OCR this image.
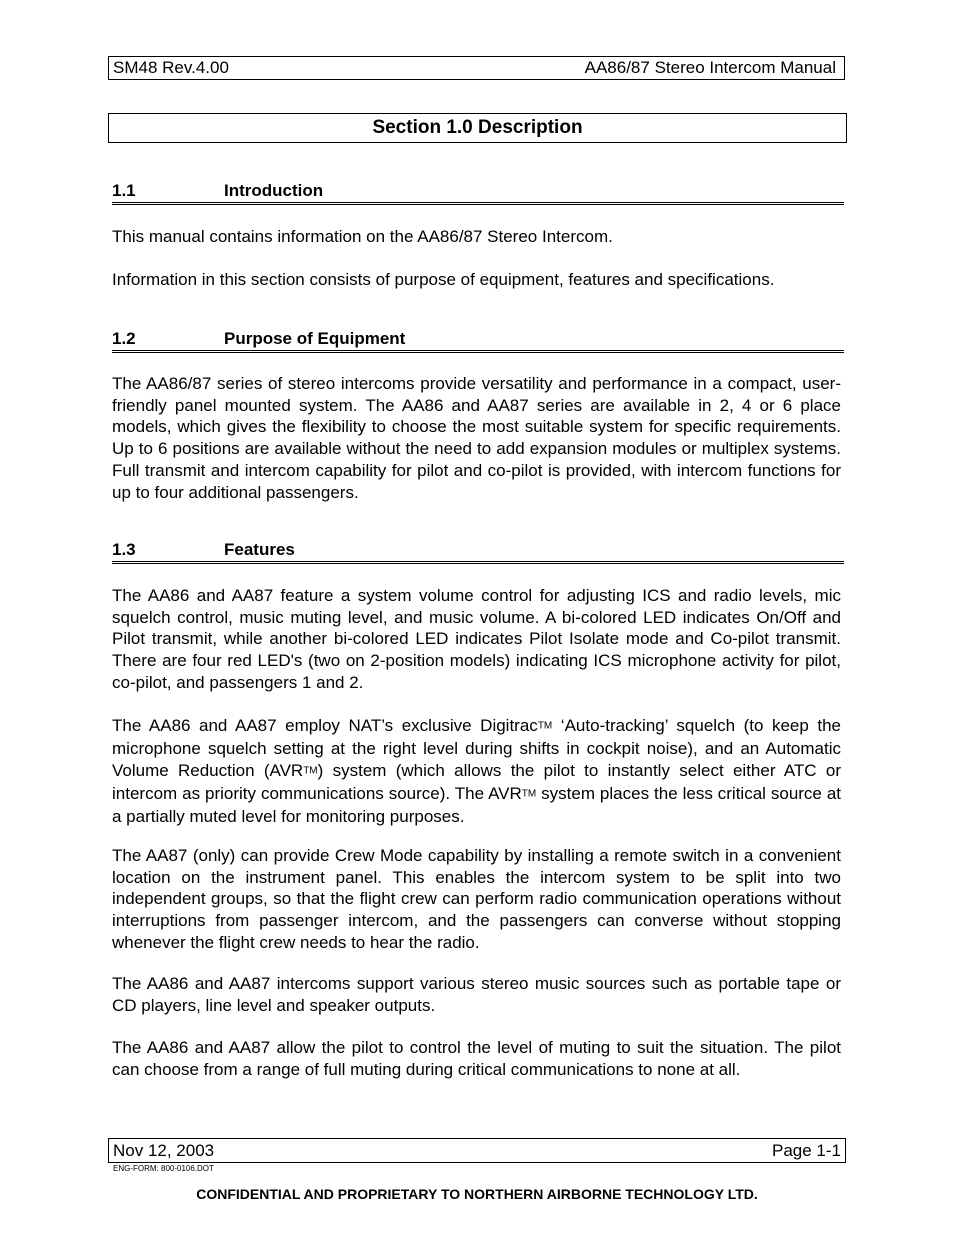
SM48 Rev.4.00	AA86/87 Stereo Intercom Manual
Section 1.0 Description
1.1	Introduction

This manual contains information on the AA86/87 Stereo Intercom.

Information in this section consists of purpose of equipment, features and specifications.

1.2	Purpose of Equipment

The AA86/87 series of stereo intercoms provide versatility and performance in a compact, user-friendly panel mounted system. The AA86 and AA87 series are available in 2, 4 or 6 place models, which gives the flexibility to choose the most suitable system for specific requirements. Up to 6 positions are available without the need to add expansion modules or multiplex systems. Full transmit and intercom capability for pilot and co-pilot is provided, with intercom functions for up to four additional passengers.

1.3	Features

The AA86 and AA87 feature a system volume control for adjusting ICS and radio levels, mic squelch control, music muting level, and music volume. A bi-colored LED indicates On/Off and Pilot transmit, while another bi-colored LED indicates Pilot Isolate mode and Co-pilot transmit. There are four red LED's (two on 2-position models) indicating ICS microphone activity for pilot, co-pilot, and passengers 1 and 2.

The AA86 and AA87 employ NAT’s exclusive DigitracTM ‘Auto-tracking’ squelch (to keep the microphone squelch setting at the right level during shifts in cockpit noise), and an Automatic Volume Reduction (AVRTM) system (which allows the pilot to instantly select either ATC or intercom as priority communications source). The AVRTM system places the less critical source at a partially muted level for monitoring purposes.

The AA87 (only) can provide Crew Mode capability by installing a remote switch in a convenient location on the instrument panel. This enables the intercom system to be split into two independent groups, so that the flight crew can perform radio communication operations without interruptions from passenger intercom, and the passengers can converse without stopping whenever the flight crew needs to hear the radio.

The AA86 and AA87 intercoms support various stereo music sources such as portable tape or CD players, line level and speaker outputs.

The AA86 and AA87 allow the pilot to control the level of muting to suit the situation. The pilot can choose from a range of full muting during critical communications to none at all.

Nov 12, 2003	Page 1-1
ENG-FORM: 800-0106.DOT
CONFIDENTIAL AND PROPRIETARY TO NORTHERN AIRBORNE TECHNOLOGY LTD.
